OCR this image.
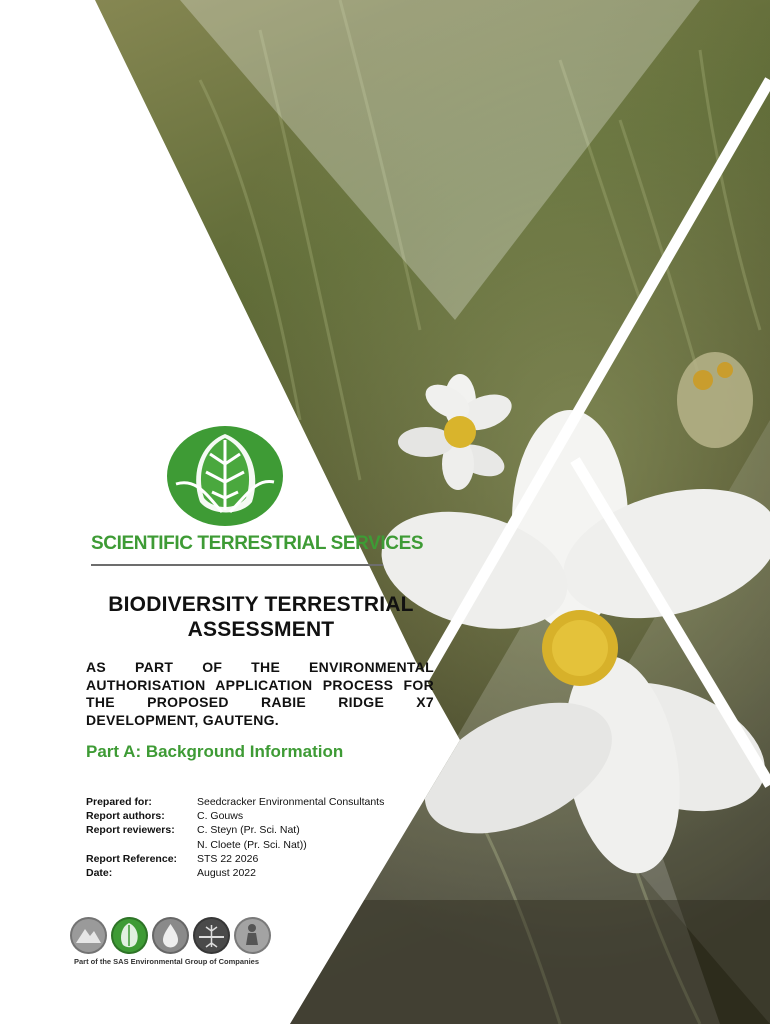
SCIENTIFIC TERRESTRIAL SERVICES
BIODIVERSITY TERRESTRIAL
ASSESSMENT
AS PART OF THE ENVIRONMENTAL AUTHORISATION APPLICATION PROCESS FOR THE PROPOSED RABIE RIDGE X7 DEVELOPMENT, GAUTENG.
Part A: Background Information
Prepared for:	Seedcracker Environmental Consultants
Report authors:	C. Gouws
Report reviewers:	C. Steyn (Pr. Sci. Nat)
N. Cloete (Pr. Sci. Nat))
Report Reference:	STS 22 2026
Date:	August 2022
Part of the SAS Environmental Group of Companies
